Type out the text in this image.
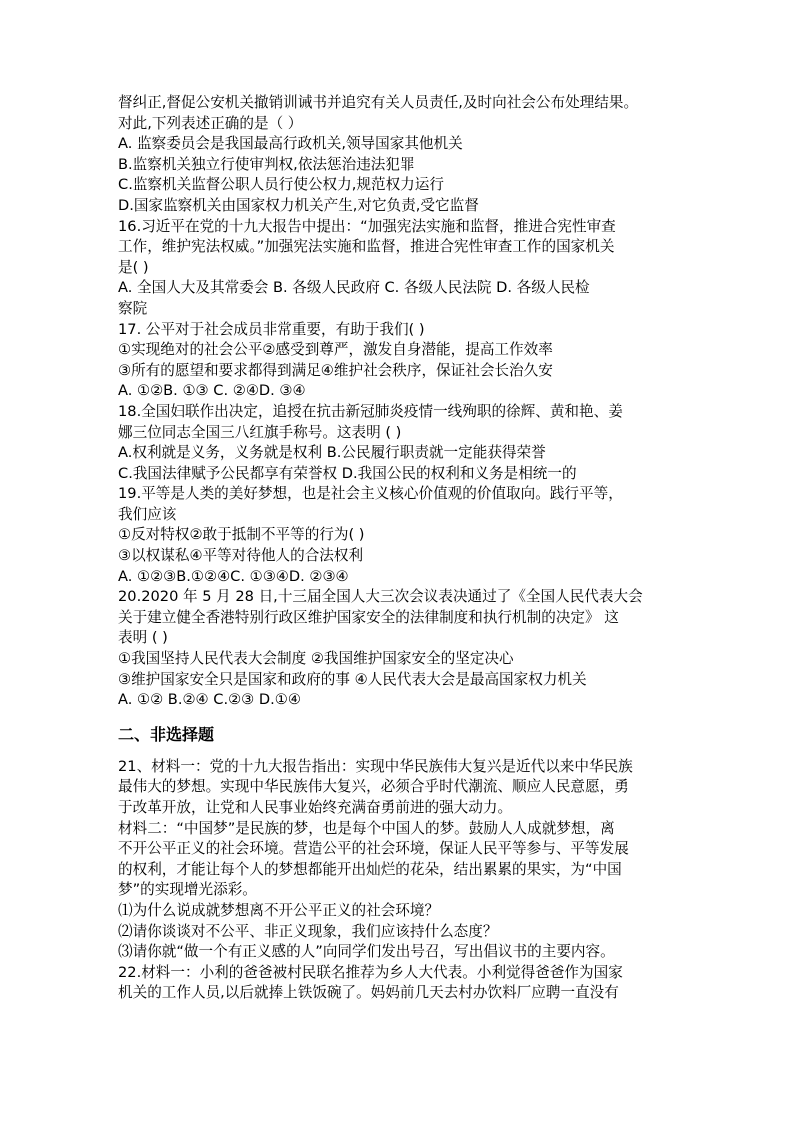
督纠正,督促公安机关撤销训诫书并追究有关人员责任,及时向社会公布处理结果。

对此,下列表述正确的是（ ）

A. 监察委员会是我国最高行政机关,领导国家其他机关

B.监察机关独立行使审判权,依法惩治违法犯罪

C.监察机关监督公职人员行使公权力,规范权力运行

D.国家监察机关由国家权力机关产生,对它负责,受它监督

16.习近平在党的十九大报告中提出：“加强宪法实施和监督，推进合宪性审查

工作，维护宪法权威。”加强宪法实施和监督，推进合宪性审查工作的国家机关

是( )

A. 全国人大及其常委会 B. 各级人民政府 C. 各级人民法院 D. 各级人民检

察院

17. 公平对于社会成员非常重要，有助于我们( )

①实现绝对的社会公平②感受到尊严，激发自身潜能，提高工作效率

③所有的愿望和要求都得到满足④维护社会秩序，保证社会长治久安

A. ①②B. ①③ C. ②④D. ③④

18.全国妇联作出决定，追授在抗击新冠肺炎疫情一线殉职的徐辉、黄和艳、姜

娜三位同志全国三八红旗手称号。这表明 ( )

A.权利就是义务，义务就是权利 B.公民履行职责就一定能获得荣誉

C.我国法律赋予公民都享有荣誉权 D.我国公民的权利和义务是相统一的

19.平等是人类的美好梦想，也是社会主义核心价值观的价值取向。践行平等，

我们应该

①反对特权②敢于抵制不平等的行为( )

③以权谋私④平等对待他人的合法权利

A. ①②③B.①②④C. ①③④D. ②③④

20.2020 年 5 月 28 日,十三届全国人大三次会议表决通过了《全国人民代表大会

关于建立健全香港特别行政区维护国家安全的法律制度和执行机制的决定》 这

表明 ( )

①我国坚持人民代表大会制度 ②我国维护国家安全的坚定决心

③维护国家安全只是国家和政府的事 ④人民代表大会是最高国家权力机关

A. ①② B.②④ C.②③ D.①④

二、非选择题

21、材料一：党的十九大报告指出：实现中华民族伟大复兴是近代以来中华民族

最伟大的梦想。实现中华民族伟大复兴，必须合乎时代潮流、顺应人民意愿，勇

于改革开放，让党和人民事业始终充满奋勇前进的强大动力。

材料二：“中国梦”是民族的梦，也是每个中国人的梦。鼓励人人成就梦想，离

不开公平正义的社会环境。营造公平的社会环境，保证人民平等参与、平等发展

的权利，才能让每个人的梦想都能开出灿烂的花朵，结出累累的果实，为“中国

梦”的实现增光添彩。

⑴为什么说成就梦想离不开公平正义的社会环境？

⑵请你谈谈对不公平、非正义现象，我们应该持什么态度？

⑶请你就“做一个有正义感的人”向同学们发出号召，写出倡议书的主要内容。

22.材料一：小利的爸爸被村民联名推荐为乡人大代表。小利觉得爸爸作为国家

机关的工作人员,以后就捧上铁饭碗了。妈妈前几天去村办饮料厂应聘一直没有
